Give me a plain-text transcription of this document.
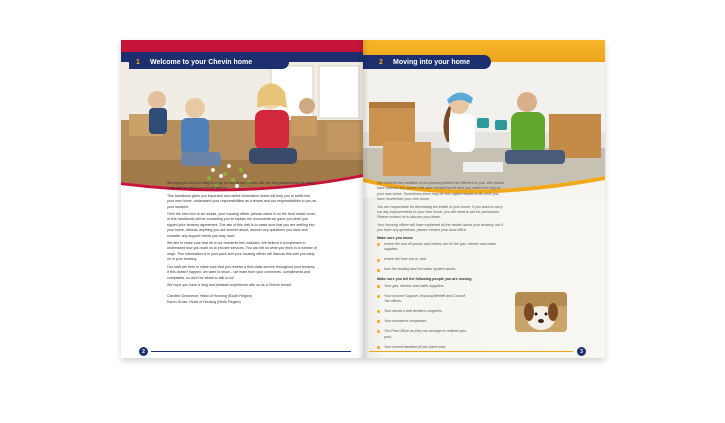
1	Welcome to your Chevin home

We hope you found it easy to apply for one of our homes. We are very pleased that we have been able to offer you a home with us.

This handbook gives you important and useful information which will help you to settle into your new home, understand your responsibilities as a tenant and our responsibilities to you as your landlord.

Over the next four to six weeks, your housing officer (whose name is on the front inside cover of this handbook) will be contacting you to explain the documents we gave you when you signed your tenancy agreement. The aim of this visit is to make sure that you are settling into your home, discuss anything you are worried about, answer any questions you have and consider any support needs you may have.

We aim to make sure that all of our residents feel included. We believe it is important to understand how you want us to provide services. You can tell us what you think in a number of ways. This information is in your pack and your housing officer will discuss this with you early on in your tenancy.

Our staff are here to make sure that you receive a first-class service throughout your tenancy. If this doesn't happen, we want to know – we learn from your comments, compliments and complaints, so don't be afraid to talk to us!

We hope you have a long and pleasant experience with us as a Chevin tenant.

Caroline Grosvenor, Head of Housing (South Region)

Karen Gruse, Head of Housing (North Region)

2
2	Moving into your home

We checked the condition of the property before we offered it to you. We should have finished any repairs that were needed by the time you collect the keys to your new home. Sometimes there may be non-urgent repairs to do once you have moved into your new home.

You are responsible for decorating the inside of your home. If you want to carry out any improvements to your new home, you will need to ask for permission. Please contact us to discuss your ideas.

Your housing officer will have explained all the details about your tenancy, but if you have any questions, please contact your local office.

Make sure you know:
where the turn-off points and meters are for the gas, electric and water supplies;
where the fuse box is; and
how the heating and hot-water system works.
Make sure you tell the following people you are moving.
Your gas, electric and water suppliers.
Your Income Support, Housing Benefit and Council Tax offices.
Your doctor's and dentist's surgeries.
Your insurance companies.
The Post Office as they can arrange to redirect your post.
Your current landlord (if you have one).
3
